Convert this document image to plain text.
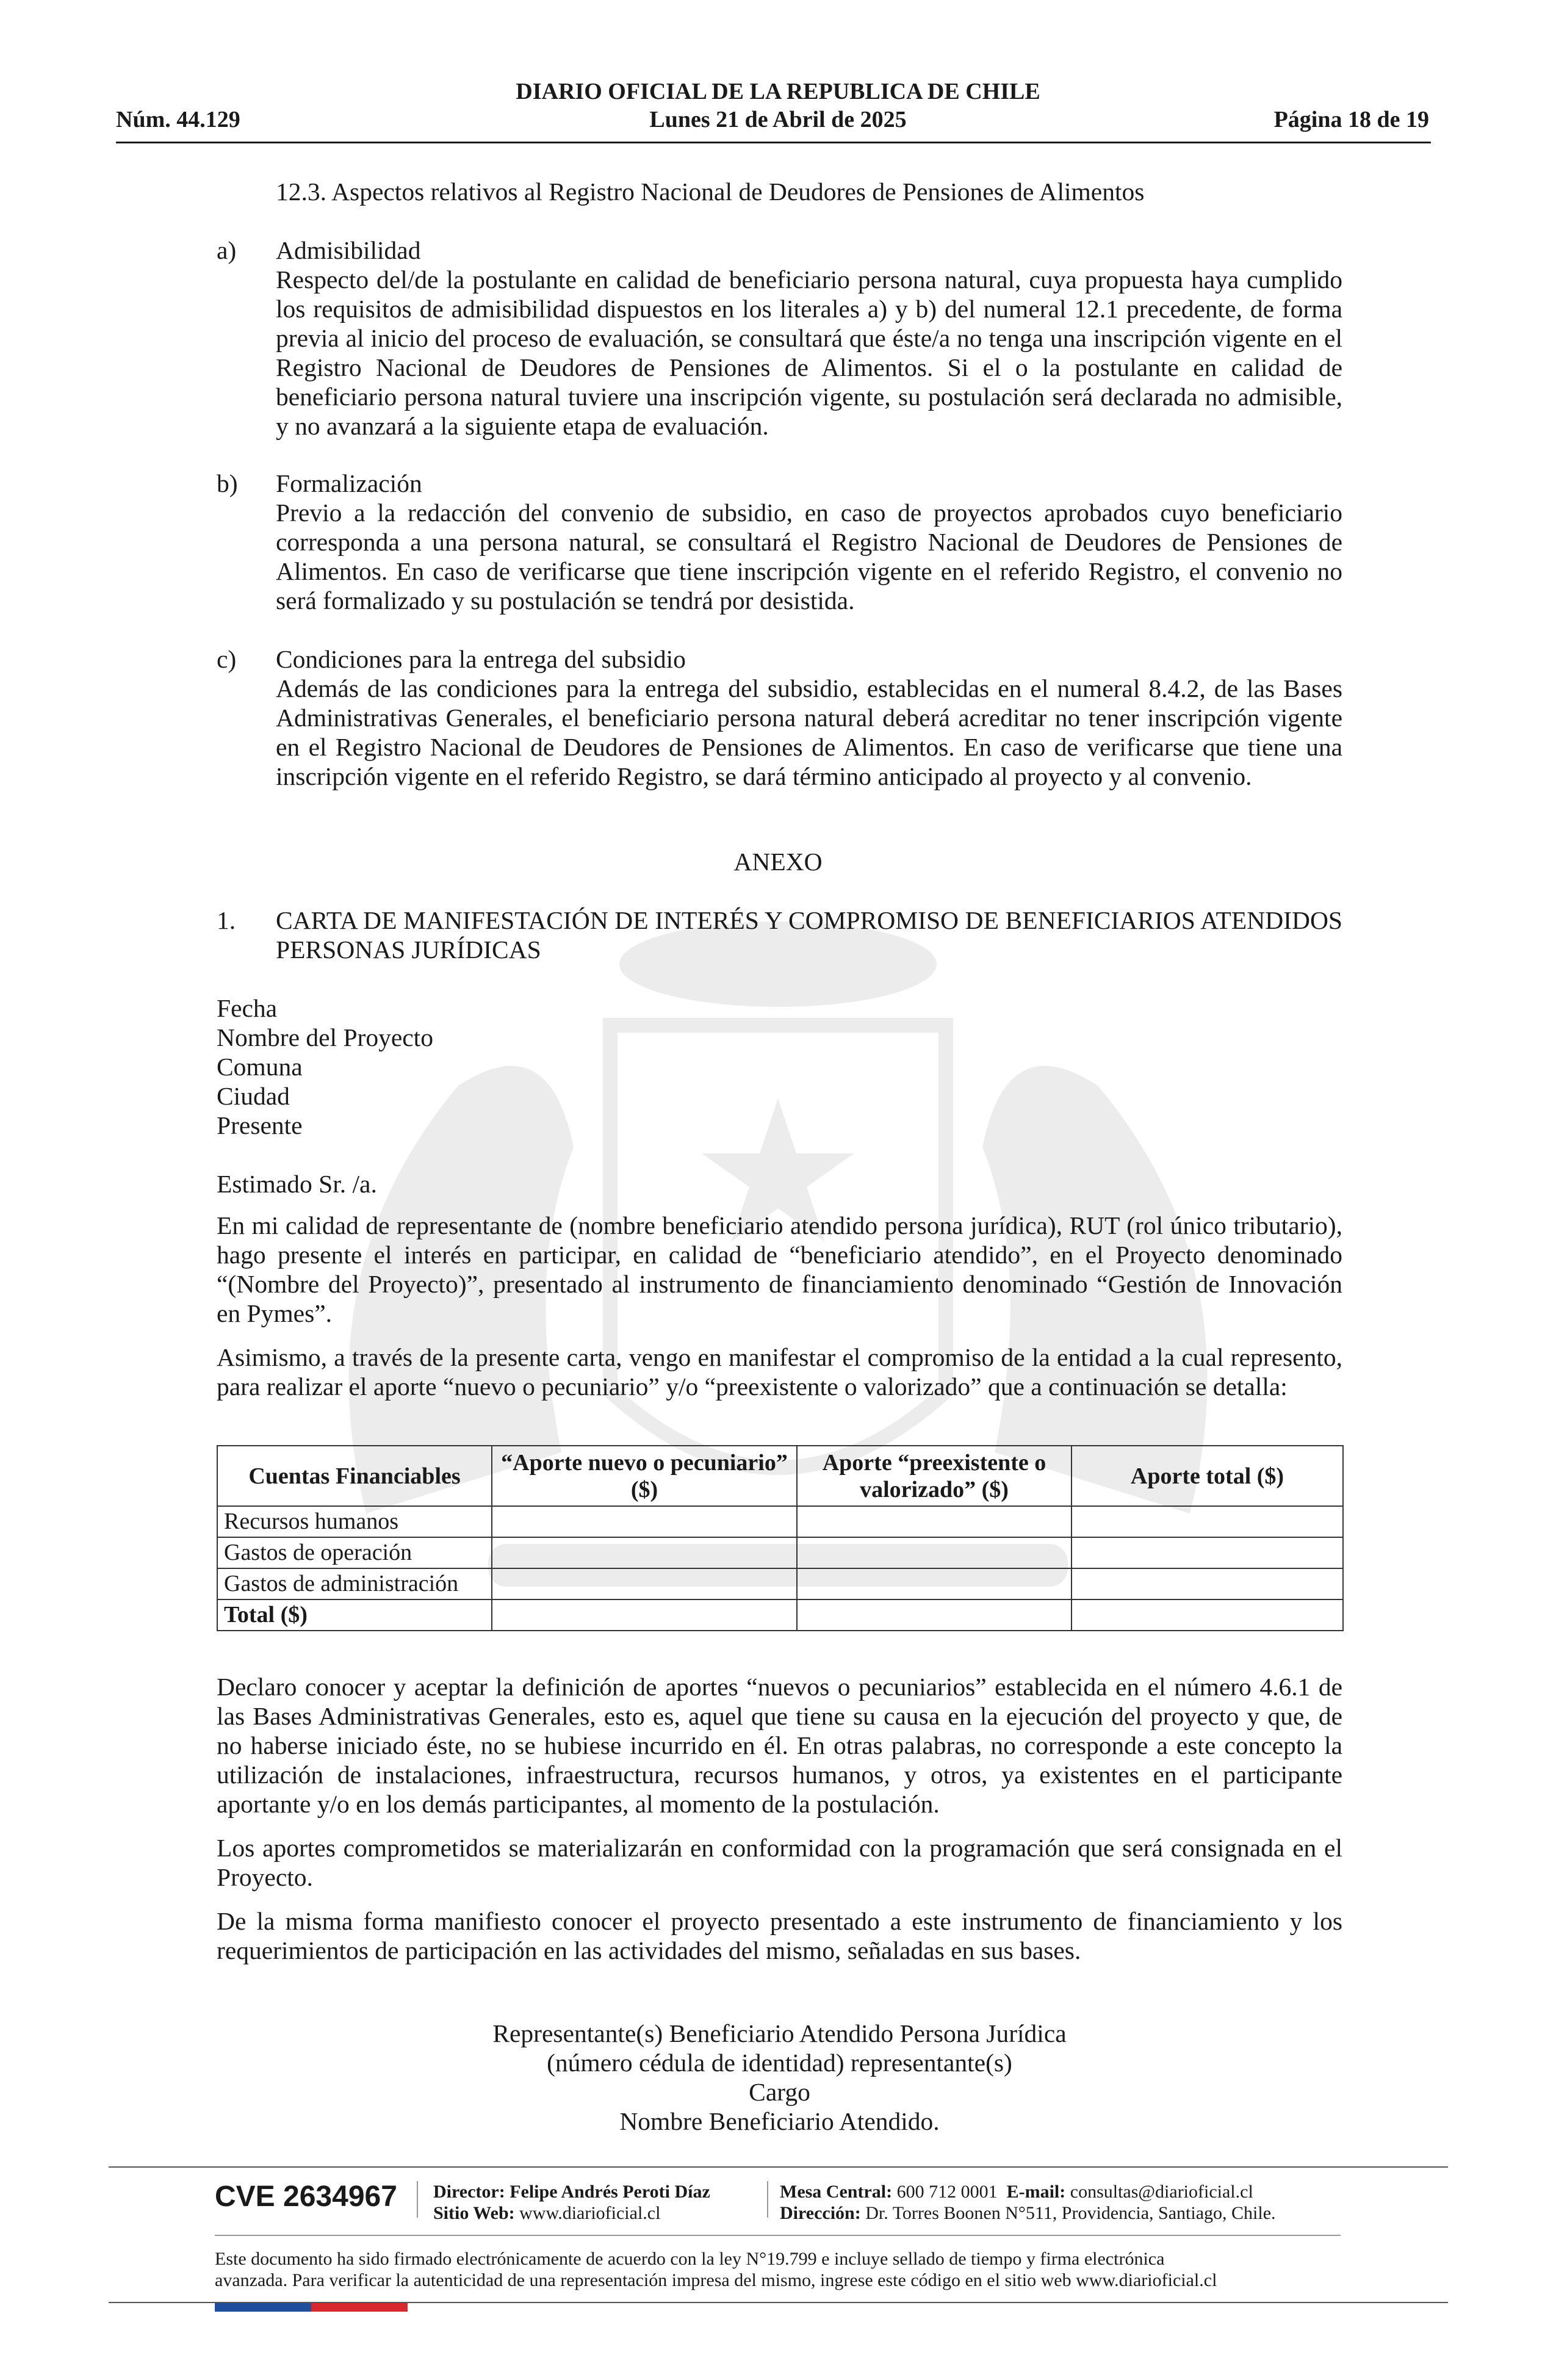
DIARIO OFICIAL DE LA REPUBLICA DE CHILE
Lunes 21 de Abril de 2025
Núm. 44.129	Página 18 de 19
12.3. Aspectos relativos al Registro Nacional de Deudores de Pensiones de Alimentos
a) Admisibilidad
Respecto del/de la postulante en calidad de beneficiario persona natural, cuya propuesta haya cumplido los requisitos de admisibilidad dispuestos en los literales a) y b) del numeral 12.1 precedente, de forma previa al inicio del proceso de evaluación, se consultará que éste/a no tenga una inscripción vigente en el Registro Nacional de Deudores de Pensiones de Alimentos. Si el o la postulante en calidad de beneficiario persona natural tuviere una inscripción vigente, su postulación será declarada no admisible, y no avanzará a la siguiente etapa de evaluación.
b) Formalización
Previo a la redacción del convenio de subsidio, en caso de proyectos aprobados cuyo beneficiario corresponda a una persona natural, se consultará el Registro Nacional de Deudores de Pensiones de Alimentos. En caso de verificarse que tiene inscripción vigente en el referido Registro, el convenio no será formalizado y su postulación se tendrá por desistida.
c) Condiciones para la entrega del subsidio
Además de las condiciones para la entrega del subsidio, establecidas en el numeral 8.4.2, de las Bases Administrativas Generales, el beneficiario persona natural deberá acreditar no tener inscripción vigente en el Registro Nacional de Deudores de Pensiones de Alimentos. En caso de verificarse que tiene una inscripción vigente en el referido Registro, se dará término anticipado al proyecto y al convenio.
ANEXO
1. CARTA DE MANIFESTACIÓN DE INTERÉS Y COMPROMISO DE BENEFICIARIOS ATENDIDOS PERSONAS JURÍDICAS
Fecha
Nombre del Proyecto
Comuna
Ciudad
Presente
Estimado Sr. /a.
En mi calidad de representante de (nombre beneficiario atendido persona jurídica), RUT (rol único tributario), hago presente el interés en participar, en calidad de “beneficiario atendido”, en el Proyecto denominado “(Nombre del Proyecto)”, presentado al instrumento de financiamiento denominado “Gestión de Innovación en Pymes”.
Asimismo, a través de la presente carta, vengo en manifestar el compromiso de la entidad a la cual represento, para realizar el aporte “nuevo o pecuniario” y/o “preexistente o valorizado” que a continuación se detalla:
Cuentas Financiables	“Aporte nuevo o pecuniario” ($)	Aporte “preexistente o valorizado” ($)	Aporte total ($)
Recursos humanos			
Gastos de operación			
Gastos de administración			
Total ($)			
Declaro conocer y aceptar la definición de aportes “nuevos o pecuniarios” establecida en el número 4.6.1 de las Bases Administrativas Generales, esto es, aquel que tiene su causa en la ejecución del proyecto y que, de no haberse iniciado éste, no se hubiese incurrido en él. En otras palabras, no corresponde a este concepto la utilización de instalaciones, infraestructura, recursos humanos, y otros, ya existentes en el participante aportante y/o en los demás participantes, al momento de la postulación.
Los aportes comprometidos se materializarán en conformidad con la programación que será consignada en el Proyecto.
De la misma forma manifiesto conocer el proyecto presentado a este instrumento de financiamiento y los requerimientos de participación en las actividades del mismo, señaladas en sus bases.
Representante(s) Beneficiario Atendido Persona Jurídica
(número cédula de identidad) representante(s)
Cargo
Nombre Beneficiario Atendido.
CVE 2634967 Director: Felipe Andrés Peroti Díaz
Sitio Web: www.diarioficial.cl
Mesa Central: 600 712 0001 E-mail: consultas@diarioficial.cl
Dirección: Dr. Torres Boonen N°511, Providencia, Santiago, Chile.
Este documento ha sido firmado electrónicamente de acuerdo con la ley N°19.799 e incluye sellado de tiempo y firma electrónica
avanzada. Para verificar la autenticidad de una representación impresa del mismo, ingrese este código en el sitio web www.diarioficial.cl
